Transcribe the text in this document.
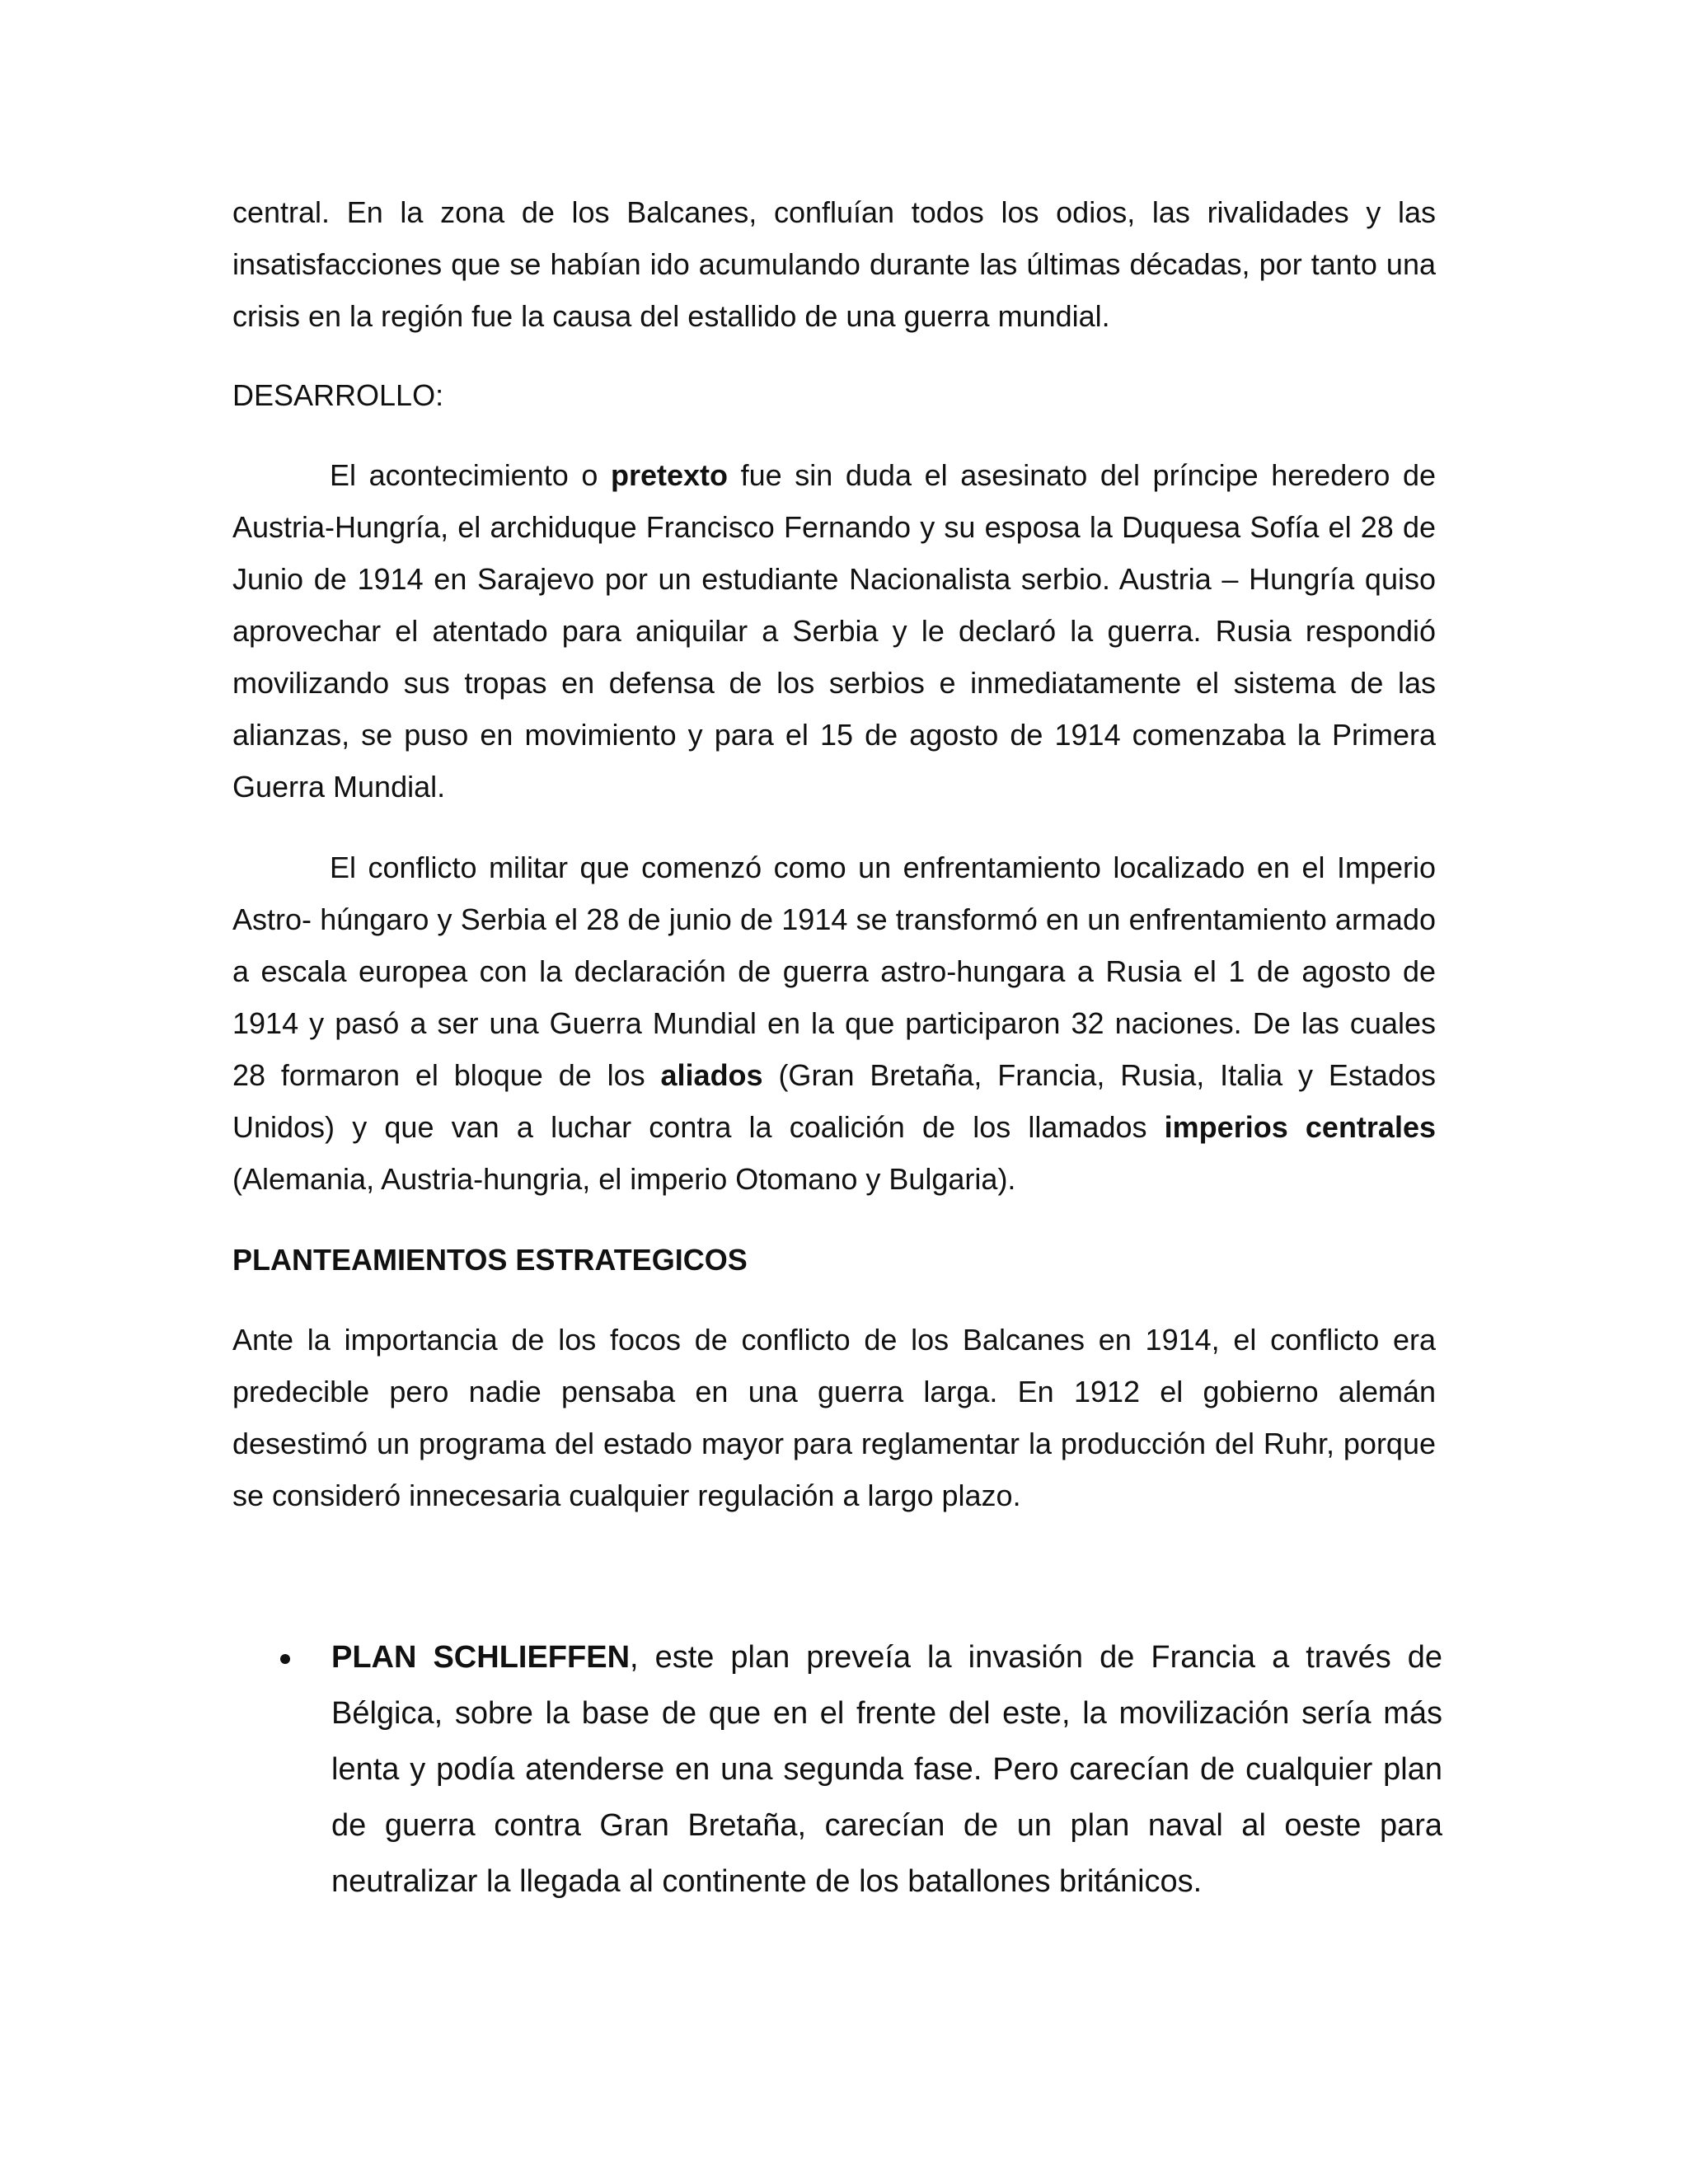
central. En la zona de los Balcanes, confluían todos los odios, las rivalidades y las insatisfacciones que se habían ido acumulando durante las últimas décadas, por tanto una crisis en la región fue la causa del estallido de una guerra mundial.

DESARROLLO:

El acontecimiento o pretexto fue sin duda el asesinato del príncipe heredero de Austria-Hungría, el archiduque Francisco Fernando y su esposa la Duquesa Sofía el 28 de Junio de 1914 en Sarajevo por un estudiante Nacionalista serbio. Austria – Hungría quiso aprovechar el atentado para aniquilar a Serbia y le declaró la guerra. Rusia respondió movilizando sus tropas en defensa de los serbios e inmediatamente el sistema de las alianzas, se puso en movimiento y para el 15 de agosto de 1914 comenzaba la Primera Guerra Mundial.

El conflicto militar que comenzó como un enfrentamiento localizado en el Imperio Astro- húngaro y Serbia el 28 de junio de 1914 se transformó en un enfrentamiento armado a escala europea con la declaración de guerra astro-hungara a Rusia el 1 de agosto de 1914 y pasó a ser una Guerra Mundial en la que participaron 32 naciones. De las cuales 28 formaron el bloque de los aliados (Gran Bretaña, Francia, Rusia, Italia y Estados Unidos) y que van a luchar contra la coalición de los llamados imperios centrales (Alemania, Austria-hungria, el imperio Otomano y Bulgaria).

PLANTEAMIENTOS ESTRATEGICOS

Ante la importancia de los focos de conflicto de los Balcanes en 1914, el conflicto era predecible pero nadie pensaba en una guerra larga. En 1912 el gobierno alemán desestimó un programa del estado mayor para reglamentar la producción del Ruhr, porque se consideró innecesaria cualquier regulación a largo plazo.

PLAN SCHLIEFFEN, este plan preveía la invasión de Francia a través de Bélgica, sobre la base de que en el frente del este, la movilización sería más lenta y podía atenderse en una segunda fase. Pero carecían de cualquier plan de guerra contra Gran Bretaña, carecían de un plan naval al oeste para neutralizar la llegada al continente de los batallones británicos.
